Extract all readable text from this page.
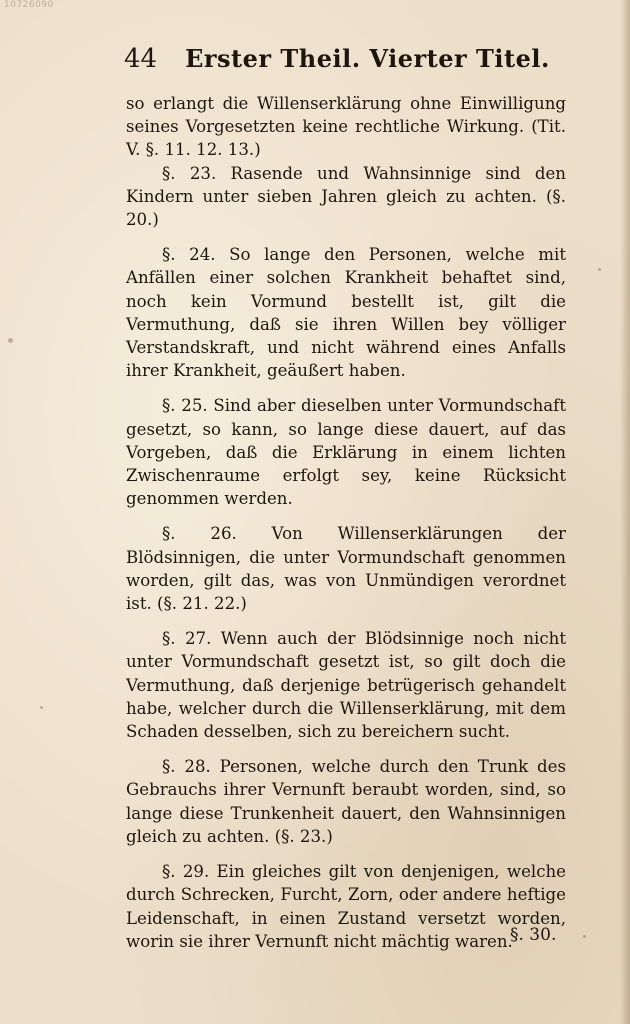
10726090
44 Erster Theil. Vierter Titel.

so erlangt die Willenserklärung ohne Einwilligung seines Vorgesetzten keine rechtliche Wirkung. (Tit. V. §. 11. 12. 13.)

§. 23. Rasende und Wahnsinnige sind den Kindern unter sieben Jahren gleich zu achten. (§. 20.)

§. 24. So lange den Personen, welche mit Anfällen einer solchen Krankheit behaftet sind, noch kein Vormund bestellt ist, gilt die Vermuthung, daß sie ihren Willen bey völliger Verstandskraft, und nicht während eines Anfalls ihrer Krankheit, geäußert haben.

§. 25. Sind aber dieselben unter Vormundschaft gesetzt, so kann, so lange diese dauert, auf das Vorgeben, daß die Erklärung in einem lichten Zwischenraume erfolgt sey, keine Rücksicht genommen werden.

§. 26. Von Willenserklärungen der Blödsinnigen, die unter Vormundschaft genommen worden, gilt das, was von Unmündigen verordnet ist. (§. 21. 22.)

§. 27. Wenn auch der Blödsinnige noch nicht unter Vormundschaft gesetzt ist, so gilt doch die Vermuthung, daß derjenige betrügerisch gehandelt habe, welcher durch die Willenserklärung, mit dem Schaden desselben, sich zu bereichern sucht.

§. 28. Personen, welche durch den Trunk des Gebrauchs ihrer Vernunft beraubt worden, sind, so lange diese Trunkenheit dauert, den Wahnsinnigen gleich zu achten. (§. 23.)

§. 29. Ein gleiches gilt von denjenigen, welche durch Schrecken, Furcht, Zorn, oder andere heftige Leidenschaft, in einen Zustand versetzt worden, worin sie ihrer Vernunft nicht mächtig waren.

§. 30.
